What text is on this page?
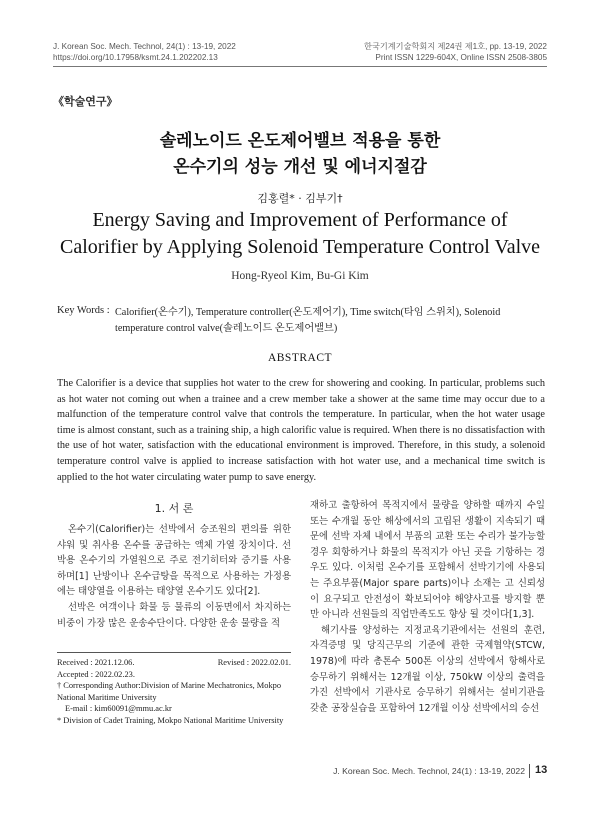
J. Korean Soc. Mech. Technol, 24(1) : 13-19, 2022
https://doi.org/10.17958/ksmt.24.1.202202.13
한국기계기술학회지 제24권 제1호, pp. 13-19, 2022
Print ISSN 1229-604X, Online ISSN 2508-3805
《학술연구》
솔레노이드 온도제어밸브 적용을 통한
온수기의 성능 개선 및 에너지절감
김홍렬* · 김부기†
Energy Saving and Improvement of Performance of
Calorifier by Applying Solenoid Temperature Control Valve
Hong-Ryeol Kim, Bu-Gi Kim
Key Words : Calorifier(온수기), Temperature controller(온도제어기), Time switch(타임 스위치), Solenoid temperature control valve(솔레노이드 온도제어밸브)
ABSTRACT
The Calorifier is a device that supplies hot water to the crew for showering and cooking. In particular, problems such as hot water not coming out when a trainee and a crew member take a shower at the same time may occur due to a malfunction of the temperature control valve that controls the temperature. In particular, when the hot water usage time is almost constant, such as a training ship, a high calorific value is required. When there is no dissatisfaction with the use of hot water, satisfaction with the educational environment is improved. Therefore, in this study, a solenoid temperature control valve is applied to increase satisfaction with hot water use, and a mechanical time switch is applied to the hot water circulating water pump to save energy.
1. 서 론

온수기(Calorifier)는 선박에서 승조원의 편의를 위한 샤워 및 취사용 온수를 공급하는 액체 가열 장치이다. 선박용 온수기의 가열원으로 주로 전기히터와 증기를 사용하며[1] 난방이나 온수급탕을 목적으로 사용하는 가정용에는 태양열을 이용하는 태양열 온수기도 있다[2].

선박은 여객이나 화물 등 물류의 이동면에서 차지하는 비중이 가장 많은 운송수단이다. 다양한 운송 물량을 적

Received : 2021.12.06.	Revised : 2022.02.01.
Accepted : 2022.02.23.
† Corresponding Author:Division of Marine Mechatronics, Mokpo National Maritime University
E-mail : kim60091@mmu.ac.kr
* Division of Cadet Training, Mokpo National Maritime University

재하고 출항하여 목적지에서 물량을 양하할 때까지 수일 또는 수개월 동안 해상에서의 고립된 생활이 지속되기 때문에 선박 자체 내에서 부품의 교환 또는 수리가 불가능할 경우 회항하거나 화물의 목적지가 아닌 곳을 기항하는 경우도 있다. 이처럼 온수기를 포함해서 선박기기에 사용되는 주요부품(Major spare parts)이나 소재는 고 신뢰성이 요구되고 안전성이 확보되어야 해양사고를 방지할 뿐만 아니라 선원들의 직업만족도도 향상 될 것이다[1,3].

해기사를 양성하는 지정교육기관에서는 선원의 훈련, 자격증명 및 당직근무의 기준에 관한 국제협약(STCW, 1978)에 따라 총톤수 500톤 이상의 선박에서 항해사로 승무하기 위해서는 12개월 이상, 750kW 이상의 출력을 가진 선박에서 기관사로 승무하기 위해서는 설비기관을 갖춘 공장실습을 포함하여 12개월 이상 선박에서의 승선

J. Korean Soc. Mech. Technol, 24(1) : 13-19, 2022 13
